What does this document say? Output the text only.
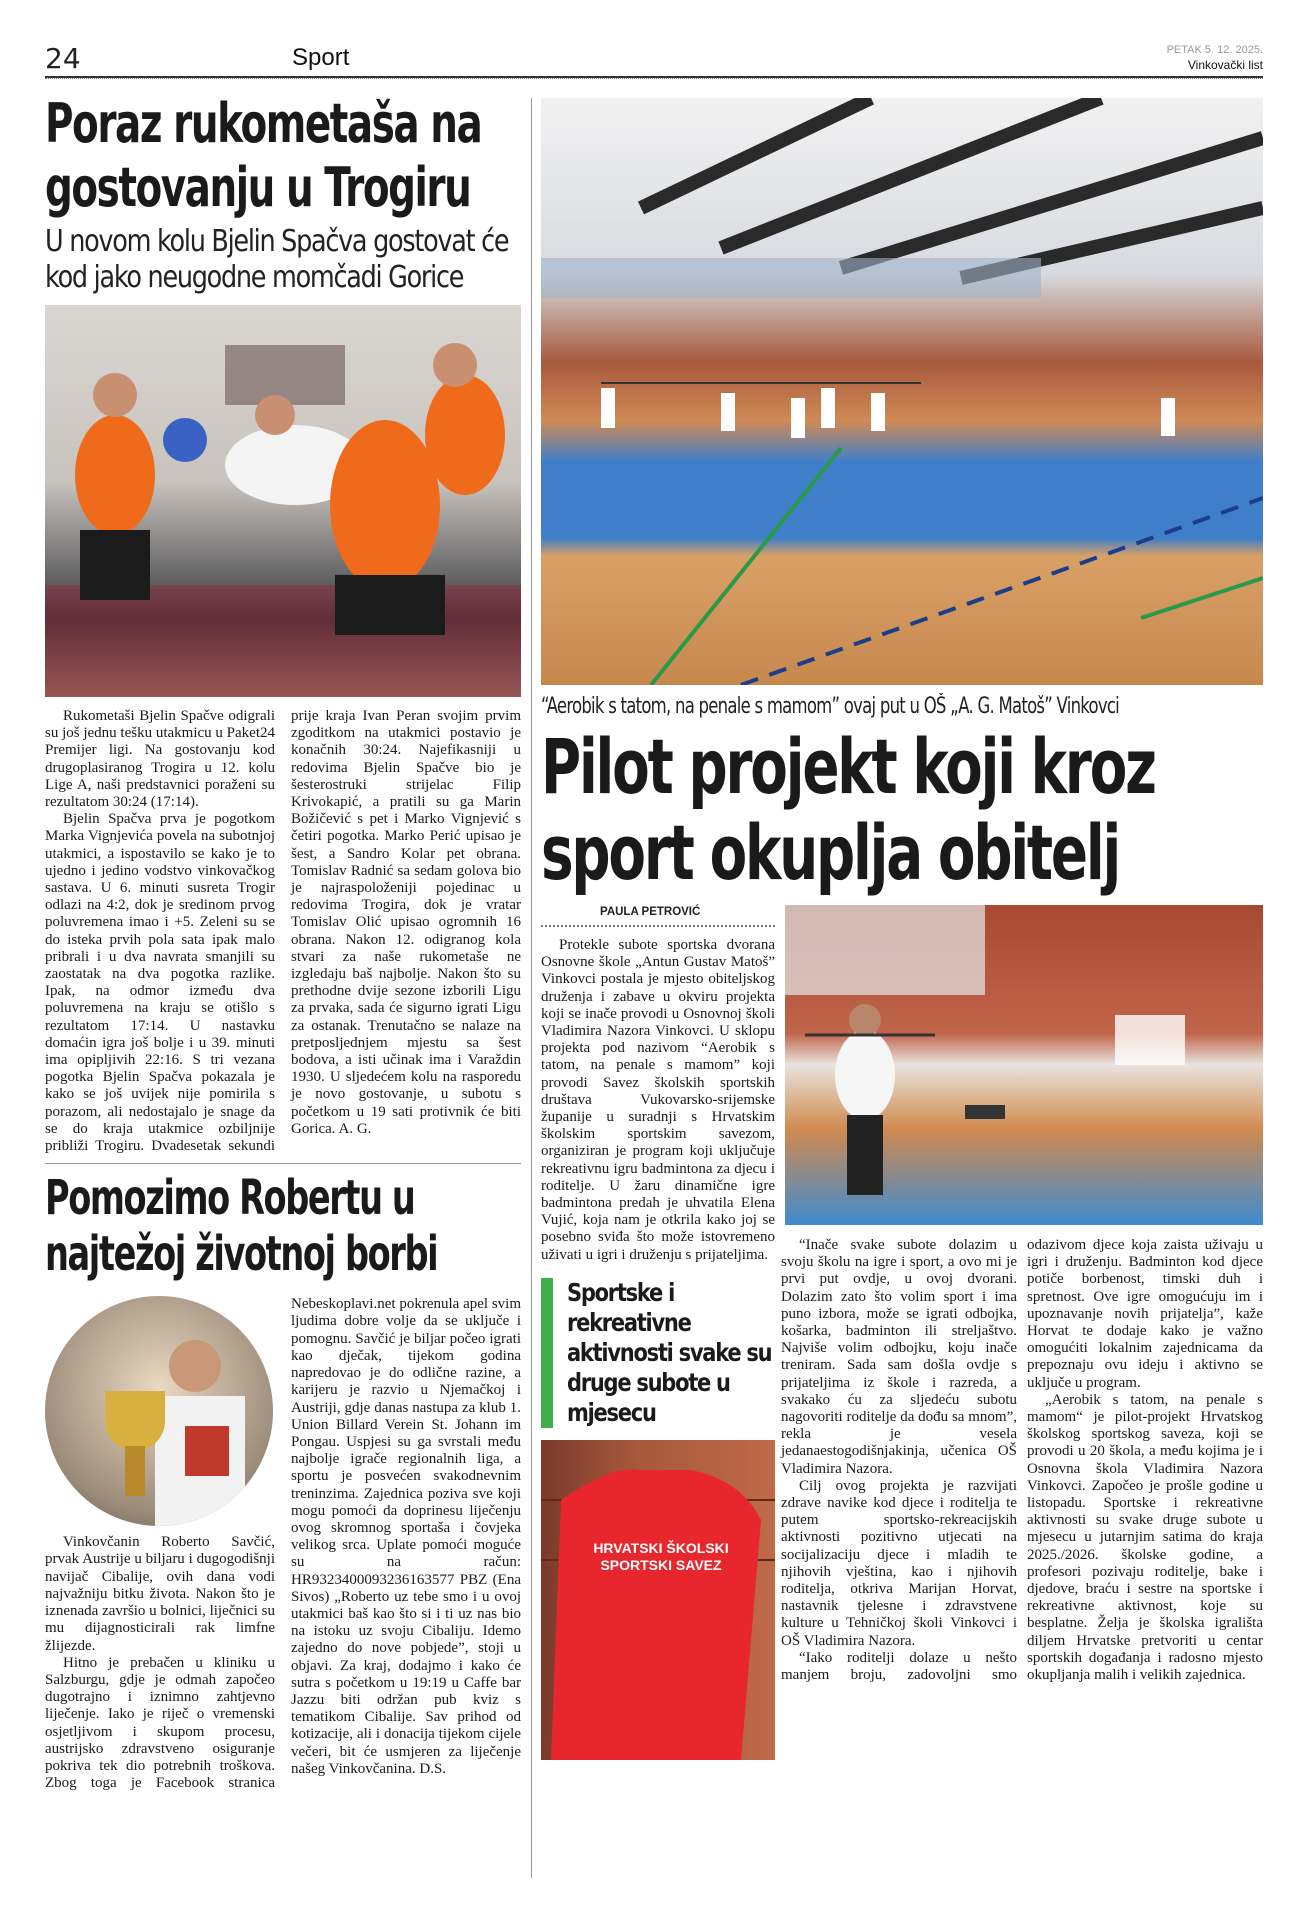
24	Sport	PETAK 5. 12. 2025.
Vinkovački list
Poraz rukometaša na gostovanju u Trogiru
U novom kolu Bjelin Spačva gostovat će kod jako neugodne momčadi Gorice

Rukometaši Bjelin Spačve odigrali su još jednu tešku utakmicu u Paket24 Premijer ligi. Na gostovanju kod drugoplasiranog Trogira u 12. kolu Lige A, naši predstavnici poraženi su rezultatom 30:24 (17:14).

Bjelin Spačva prva je pogotkom Marka Vignjevića povela na subotnjoj utakmici, a ispostavilo se kako je to ujedno i jedino vodstvo vinkovačkog sastava. U 6. minuti susreta Trogir odlazi na 4:2, dok je sredinom prvog poluvremena imao i +5. Zeleni su se do isteka prvih pola sata ipak malo pribrali i u dva navrata smanjili su zaostatak na dva pogotka razlike. Ipak, na odmor između dva poluvremena na kraju se otišlo s rezultatom 17:14. U nastavku domaćin igra još bolje i u 39. minuti ima opipljivih 22:16. S tri vezana pogotka Bjelin Spačva pokazala je kako se još uvijek nije pomirila s porazom, ali nedostajalo je snage da se do kraja utakmice ozbiljnije približi Trogiru. Dvadesetak sekundi prije kraja Ivan Peran svojim prvim zgoditkom na utakmici postavio je konačnih 30:24. Najefikasniji u redovima Bjelin Spačve bio je šesterostruki strijelac Filip Krivokapić, a pratili su ga Marin Božičević s pet i Marko Vignjević s četiri pogotka. Marko Perić upisao je šest, a Sandro Kolar pet obrana. Tomislav Radnić sa sedam golova bio je najraspoloženiji pojedinac u redovima Trogira, dok je vratar Tomislav Olić upisao ogromnih 16 obrana. Nakon 12. odigranog kola stvari za naše rukometaše ne izgledaju baš najbolje. Nakon što su prethodne dvije sezone izborili Ligu za prvaka, sada će sigurno igrati Ligu za ostanak. Trenutačno se nalaze na pretposljednjem mjestu sa šest bodova, a isti učinak ima i Varaždin 1930. U sljedećem kolu na rasporedu je novo gostovanje, u subotu s početkom u 19 sati protivnik će biti Gorica. A. G.

Pomozimo Robertu u najtežoj životnoj borbi

Vinkovčanin Roberto Savčić, prvak Austrije u biljaru i dugogodišnji navijač Cibalije, ovih dana vodi najvažniju bitku života. Nakon što je iznenada završio u bolnici, liječnici su mu dijagnosticirali rak limfne žlijezde.

Hitno je prebačen u kliniku u Salzburgu, gdje je odmah započeo dugotrajno i iznimno zahtjevno liječenje. Iako je riječ o vremenski osjetljivom i skupom procesu, austrijsko zdravstveno osiguranje pokriva tek dio potrebnih troškova. Zbog toga je Facebook stranica Nebeskoplavi.net pokrenula apel svim ljudima dobre volje da se uključe i pomognu. Savčić je biljar počeo igrati kao dječak, tijekom godina napredovao je do odlične razine, a karijeru je razvio u Njemačkoj i Austriji, gdje danas nastupa za klub 1. Union Billard Verein St. Johann im Pongau. Uspjesi su ga svrstali među najbolje igrače regionalnih liga, a sportu je posvećen svakodnevnim treninzima. Zajednica poziva sve koji mogu pomoći da doprinesu liječenju ovog skromnog sportaša i čovjeka velikog srca. Uplate pomoći moguće su na račun: HR9323400093236163577 PBZ (Ena Sivos) „Roberto uz tebe smo i u ovoj utakmici baš kao što si i ti uz nas bio na istoku uz svoju Cibaliju. Idemo zajedno do nove pobjede”, stoji u objavi. Za kraj, dodajmo i kako će sutra s početkom u 19:19 u Caffe bar Jazzu biti održan pub kviz s tematikom Cibalije. Sav prihod od kotizacije, ali i donacija tijekom cijele večeri, bit će usmjeren za liječenje našeg Vinkovčanina. D.S.

“Aerobik s tatom, na penale s mamom” ovaj put u OŠ „A. G. Matoš” Vinkovci
Pilot projekt koji kroz sport okuplja obitelj
PAULA PETROVIĆ

Protekle subote sportska dvorana Osnovne škole „Antun Gustav Matoš” Vinkovci postala je mjesto obiteljskog druženja i zabave u okviru projekta koji se inače provodi u Osnovnoj školi Vladimira Nazora Vinkovci. U sklopu projekta pod nazivom “Aerobik s tatom, na penale s mamom” koji provodi Savez školskih sportskih društava Vukovarsko-srijemske županije u suradnji s Hrvatskim školskim sportskim savezom, organiziran je program koji uključuje rekreativnu igru badmintona za djecu i roditelje. U žaru dinamične igre badmintona predah je uhvatila Elena Vujić, koja nam je otkrila kako joj se posebno sviđa što može istovremeno uživati u igri i druženju s prijateljima.

Sportske i rekreativne aktivnosti svake su druge subote u mjesecu
HRVATSKI ŠKOLSKI SPORTSKI SAVEZ

“Inače svake subote dolazim u svoju školu na igre i sport, a ovo mi je prvi put ovdje, u ovoj dvorani. Dolazim zato što volim sport i ima puno izbora, može se igrati odbojka, košarka, badminton ili streljaštvo. Najviše volim odbojku, koju inače treniram. Sada sam došla ovdje s prijateljima iz škole i razreda, a svakako ću za sljedeću subotu nagovoriti roditelje da dođu sa mnom”, rekla je vesela jedanaestogodišnjakinja, učenica OŠ Vladimira Nazora.

Cilj ovog projekta je razvijati zdrave navike kod djece i roditelja te putem sportsko-rekreacijskih aktivnosti pozitivno utjecati na socijalizaciju djece i mladih te njihovih vještina, kao i njihovih roditelja, otkriva Marijan Horvat, nastavnik tjelesne i zdravstvene kulture u Tehničkoj školi Vinkovci i OŠ Vladimira Nazora.

“Iako roditelji dolaze u nešto manjem broju, zadovoljni smo odazivom djece koja zaista uživaju u igri i druženju. Badminton kod djece potiče borbenost, timski duh i spretnost. Ove igre omogućuju im i upoznavanje novih prijatelja”, kaže Horvat te dodaje kako je važno omogućiti lokalnim zajednicama da prepoznaju ovu ideju i aktivno se uključe u program.

„Aerobik s tatom, na penale s mamom“ je pilot-projekt Hrvatskog školskog sportskog saveza, koji se provodi u 20 škola, a među kojima je i Osnovna škola Vladimira Nazora Vinkovci. Započeo je prošle godine u listopadu. Sportske i rekreativne aktivnosti su svake druge subote u mjesecu u jutarnjim satima do kraja 2025./2026. školske godine, a profesori pozivaju roditelje, bake i djedove, braću i sestre na sportske i rekreativne aktivnost, koje su besplatne. Želja je školska igrališta diljem Hrvatske pretvoriti u centar sportskih događanja i radosno mjesto okupljanja malih i velikih zajednica.
